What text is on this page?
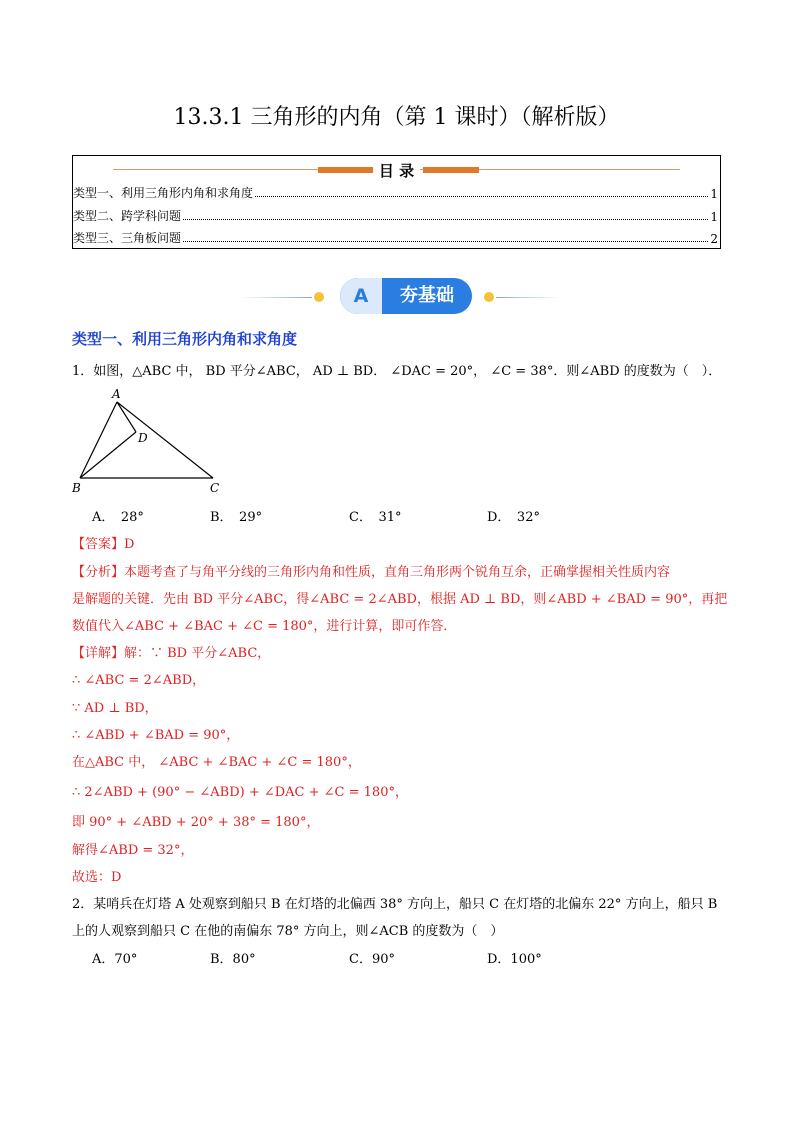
13.3.1 三角形的内角（第 1 课时）（解析版）
目 录
类型一、利用三角形内角和求角度	1
类型二、跨学科问题	1
类型三、三角板问题	2
A	夯基础
类型一、利用三角形内角和求角度
1．如图，△ABC 中， BD 平分∠ABC， AD ⊥ BD． ∠DAC = 20°， ∠C = 38°．则∠ABD 的度数为（　）．
A
D
B	C
A．　28°	B．　29°	C．　31°	D．　32°
【答案】D
【分析】本题考查了与角平分线的三角形内角和性质，直角三角形两个锐角互余，正确掌握相关性质内容
是解题的关键．先由 BD 平分∠ABC，得∠ABC = 2∠ABD，根据 AD ⊥ BD，则∠ABD + ∠BAD = 90°，再把
数值代入∠ABC + ∠BAC + ∠C = 180°，进行计算，即可作答．
【详解】解：∵ BD 平分∠ABC，
∴ ∠ABC = 2∠ABD，
∵ AD ⊥ BD，
∴ ∠ABD + ∠BAD = 90°，
在△ABC 中， ∠ABC + ∠BAC + ∠C = 180°，
∴ 2∠ABD + (90° − ∠ABD) + ∠DAC + ∠C = 180°，
即 90° + ∠ABD + 20° + 38° = 180°，
解得∠ABD = 32°，
故选：D
2．某哨兵在灯塔 A 处观察到船只 B 在灯塔的北偏西 38° 方向上，船只 C 在灯塔的北偏东 22° 方向上，船只 B
上的人观察到船只 C 在他的南偏东 78° 方向上，则∠ACB 的度数为（　）
A．70°	B．80°	C．90°	D．100°
